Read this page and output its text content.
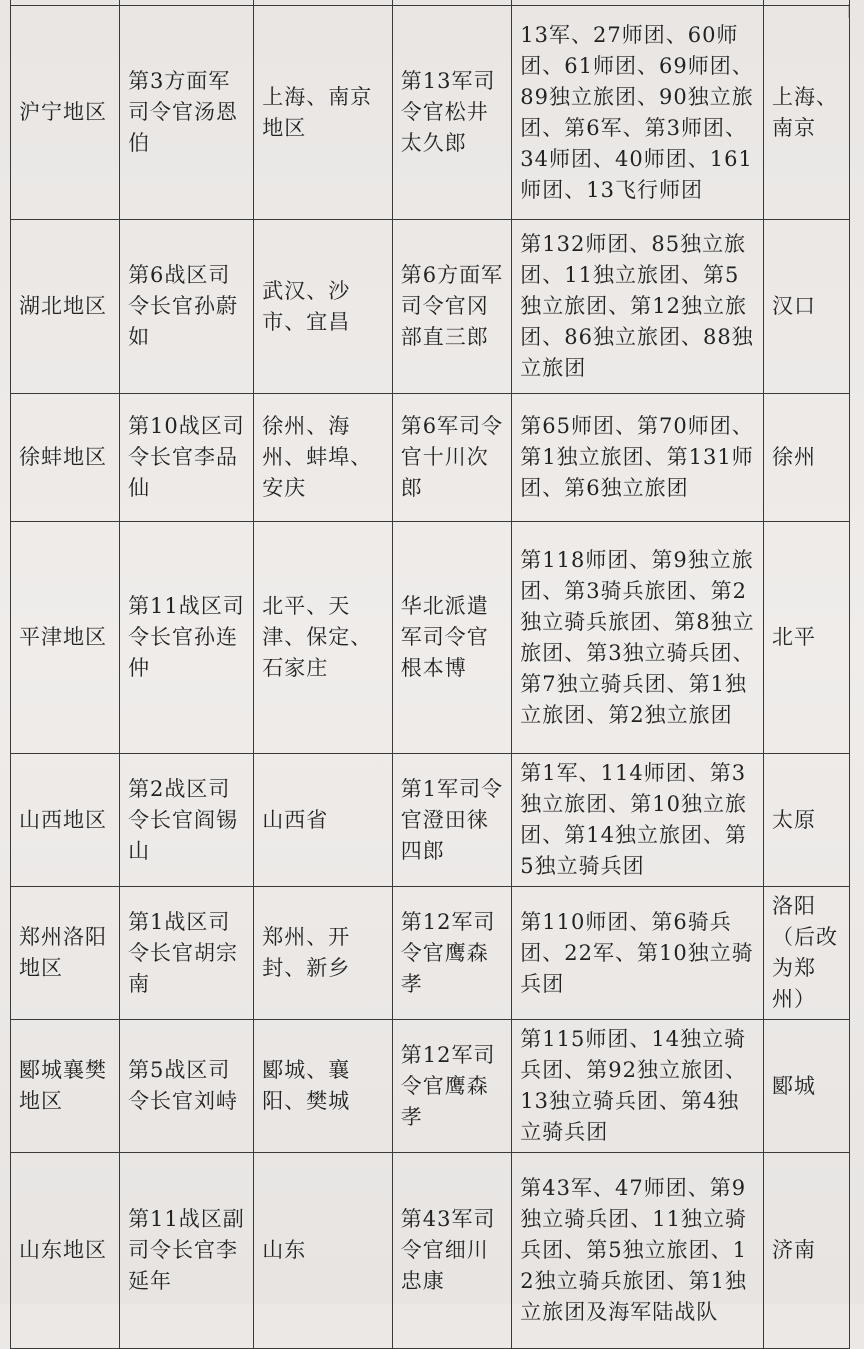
沪宁地区	第3方面军司令官汤恩伯	上海、南京地区	第13军司令官松井太久郎	13军、27师团、60师团、61师团、69师团、89独立旅团、90独立旅团、第6军、第3师团、34师团、40师团、161师团、13飞行师团	上海、南京
湖北地区	第6战区司令长官孙蔚如	武汉、沙市、宜昌	第6方面军司令官冈部直三郎	第132师团、85独立旅团、11独立旅团、第5独立旅团、第12独立旅团、86独立旅团、88独立旅团	汉口
徐蚌地区	第10战区司令长官李品仙	徐州、海州、蚌埠、安庆	第6军司令官十川次郎	第65师团、第70师团、第1独立旅团、第131师团、第6独立旅团	徐州
平津地区	第11战区司令长官孙连仲	北平、天津、保定、石家庄	华北派遣军司令官根本博	第118师团、第9独立旅团、第3骑兵旅团、第2独立骑兵旅团、第8独立旅团、第3独立骑兵团、第7独立骑兵团、第1独立旅团、第2独立旅团	北平
山西地区	第2战区司令长官阎锡山	山西省	第1军司令官澄田徕四郎	第1军、114师团、第3独立旅团、第10独立旅团、第14独立旅团、第5独立骑兵团	太原
郑州洛阳地区	第1战区司令长官胡宗南	郑州、开封、新乡	第12军司令官鹰森孝	第110师团、第6骑兵团、22军、第10独立骑兵团	洛阳（后改为郑州）
郾城襄樊地区	第5战区司令长官刘峙	郾城、襄阳、樊城	第12军司令官鹰森孝	第115师团、14独立骑兵团、第92独立旅团、13独立骑兵团、第4独立骑兵团	郾城
山东地区	第11战区副司令长官李延年	山东	第43军司令官细川忠康	第43军、47师团、第9独立骑兵团、11独立骑兵团、第5独立旅团、12独立骑兵旅团、第1独立旅团及海军陆战队	济南
